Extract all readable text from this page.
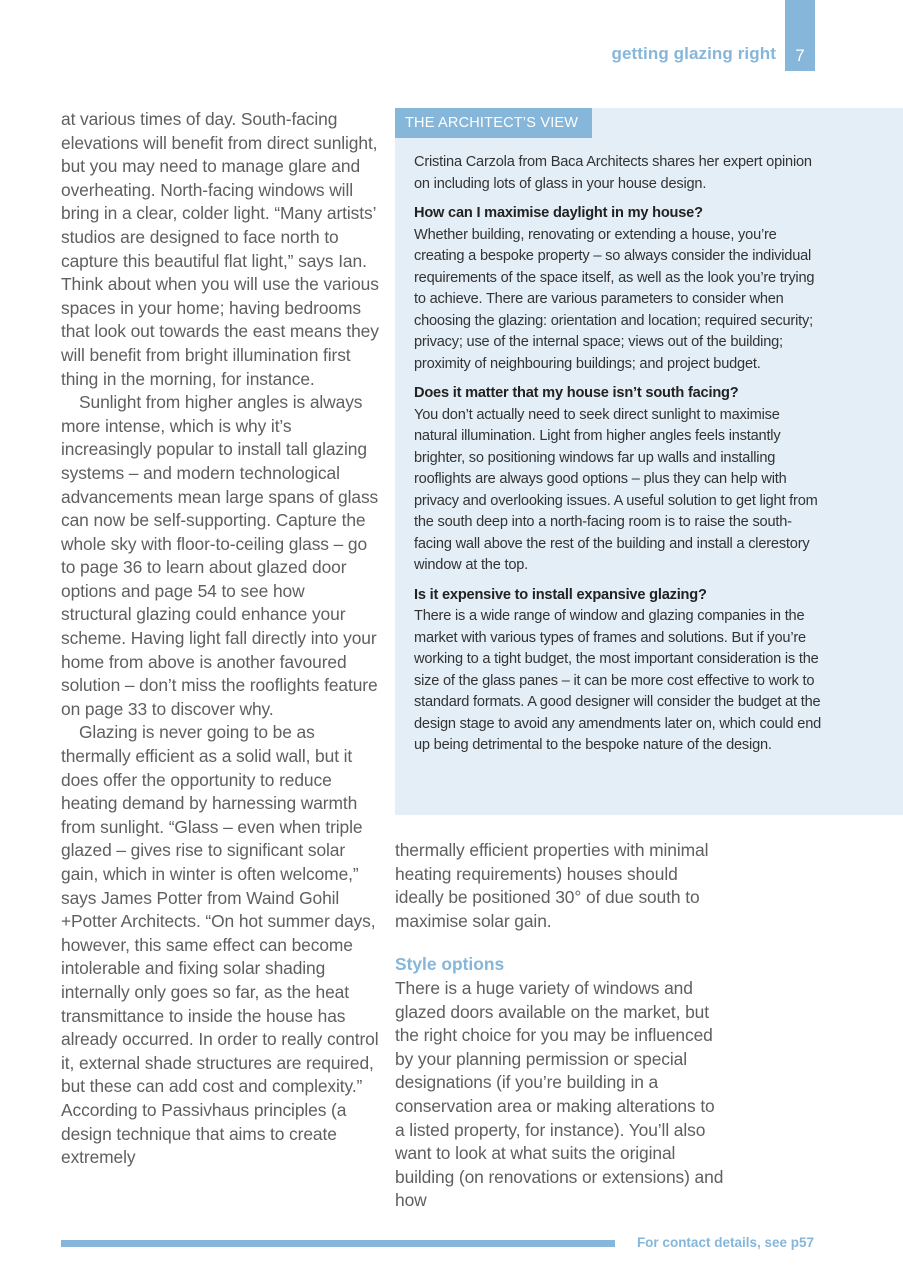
getting glazing right	7

at various times of day. South-facing elevations will benefit from direct sunlight, but you may need to manage glare and overheating. North-facing windows will bring in a clear, colder light. “Many artists’ studios are designed to face north to capture this beautiful flat light,” says Ian. Think about when you will use the various spaces in your home; having bedrooms that look out towards the east means they will benefit from bright illumination first thing in the morning, for instance.

Sunlight from higher angles is always more intense, which is why it’s increasingly popular to install tall glazing systems – and modern technological advancements mean large spans of glass can now be self-supporting. Capture the whole sky with floor-to-ceiling glass – go to page 36 to learn about glazed door options and page 54 to see how structural glazing could enhance your scheme. Having light fall directly into your home from above is another favoured solution – don’t miss the rooflights feature on page 33 to discover why.

Glazing is never going to be as thermally efficient as a solid wall, but it does offer the opportunity to reduce heating demand by harnessing warmth from sunlight. “Glass – even when triple glazed – gives rise to significant solar gain, which in winter is often welcome,” says James Potter from Waind Gohil +Potter Architects. “On hot summer days, however, this same effect can become intolerable and fixing solar shading internally only goes so far, as the heat transmittance to inside the house has already occurred. In order to really control it, external shade structures are required, but these can add cost and complexity.” According to Passivhaus principles (a design technique that aims to create extremely

THE ARCHITECT’S VIEW

Cristina Carzola from Baca Architects shares her expert opinion on including lots of glass in your house design.

How can I maximise daylight in my house?

Whether building, renovating or extending a house, you’re creating a bespoke property – so always consider the individual requirements of the space itself, as well as the look you’re trying to achieve. There are various parameters to consider when choosing the glazing: orientation and location; required security; privacy; use of the internal space; views out of the building; proximity of neighbouring buildings; and project budget.

Does it matter that my house isn’t south facing?

You don’t actually need to seek direct sunlight to maximise natural illumination. Light from higher angles feels instantly brighter, so positioning windows far up walls and installing rooflights are always good options – plus they can help with privacy and overlooking issues. A useful solution to get light from the south deep into a north-facing room is to raise the south-facing wall above the rest of the building and install a clerestory window at the top.

Is it expensive to install expansive glazing?

There is a wide range of window and glazing companies in the market with various types of frames and solutions. But if you’re working to a tight budget, the most important consideration is the size of the glass panes – it can be more cost effective to work to standard formats. A good designer will consider the budget at the design stage to avoid any amendments later on, which could end up being detrimental to the bespoke nature of the design.

thermally efficient properties with minimal heating requirements) houses should ideally be positioned 30° of due south to maximise solar gain.

Style options

There is a huge variety of windows and glazed doors available on the market, but the right choice for you may be influenced by your planning permission or special designations (if you’re building in a conservation area or making alterations to a listed property, for instance). You’ll also want to look at what suits the original building (on renovations or extensions) and how

For contact details, see p57
